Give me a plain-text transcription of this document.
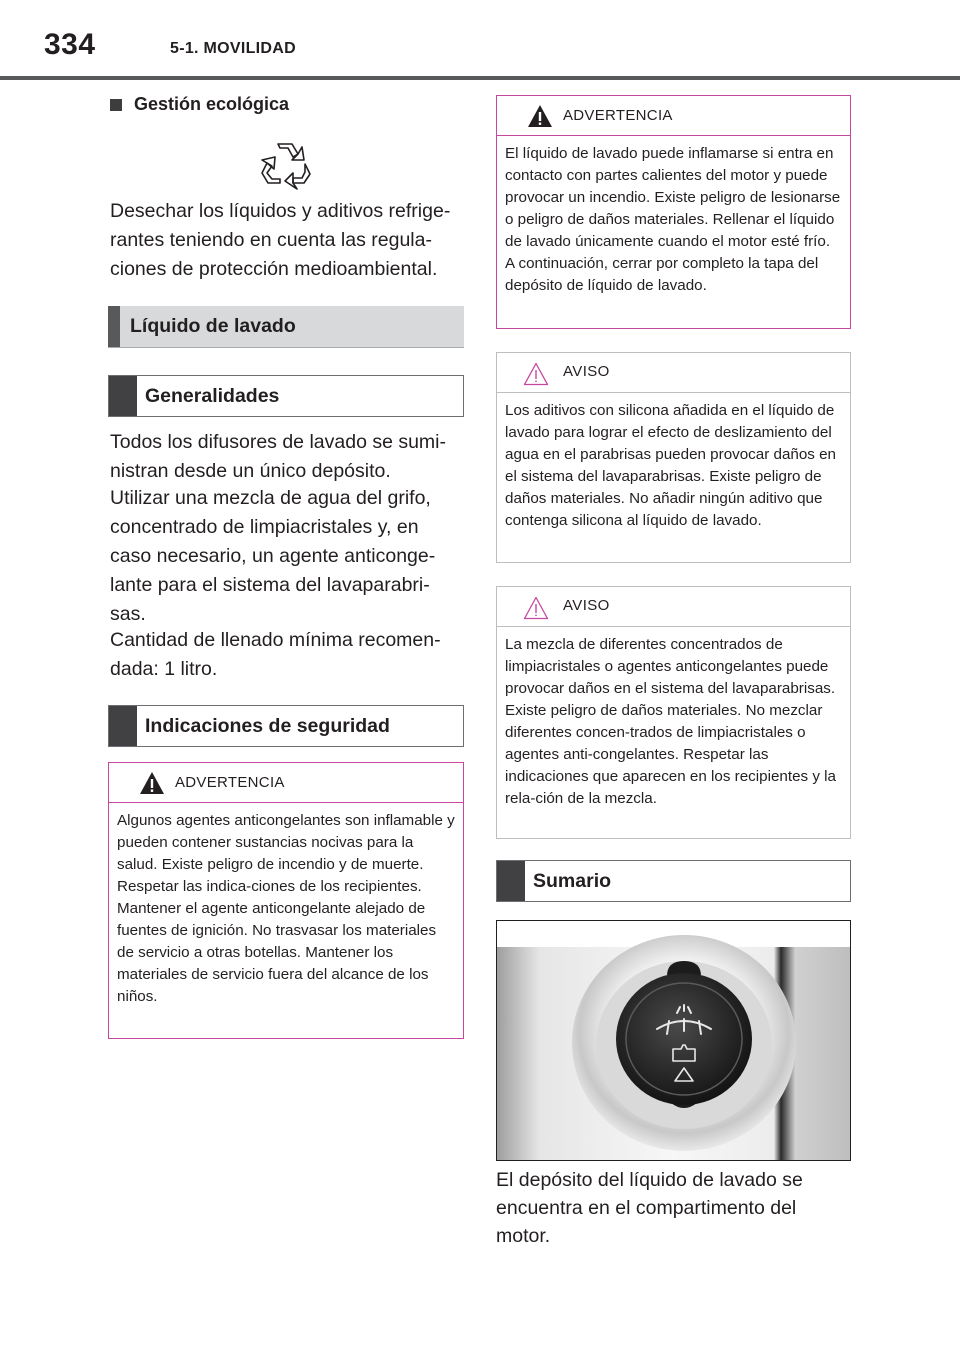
334	5-1. MOVILIDAD
Gestión ecológica
Desechar los líquidos y aditivos refrige-rantes teniendo en cuenta las regula-ciones de protección medioambiental.
Líquido de lavado
Generalidades
Todos los difusores de lavado se sumi-nistran desde un único depósito.
Utilizar una mezcla de agua del grifo, concentrado de limpiacristales y, en caso necesario, un agente anticonge-lante para el sistema del lavaparabri-sas.
Cantidad de llenado mínima recomen-dada: 1 litro.
Indicaciones de seguridad
ADVERTENCIA
Algunos agentes anticongelantes son inflamable y pueden contener sustancias nocivas para la salud. Existe peligro de incendio y de muerte. Respetar las indica-ciones de los recipientes. Mantener el agente anticongelante alejado de fuentes de ignición. No trasvasar los materiales de servicio a otras botellas. Mantener los materiales de servicio fuera del alcance de los niños.
ADVERTENCIA
El líquido de lavado puede inflamarse si entra en contacto con partes calientes del motor y puede provocar un incendio. Existe peligro de lesionarse o peligro de daños materiales. Rellenar el líquido de lavado únicamente cuando el motor esté frío. A continuación, cerrar por completo la tapa del depósito de líquido de lavado.
AVISO
Los aditivos con silicona añadida en el líquido de lavado para lograr el efecto de deslizamiento del agua en el parabrisas pueden provocar daños en el sistema del lavaparabrisas. Existe peligro de daños materiales. No añadir ningún aditivo que contenga silicona al líquido de lavado.
AVISO
La mezcla de diferentes concentrados de limpiacristales o agentes anticongelantes puede provocar daños en el sistema del lavaparabrisas. Existe peligro de daños materiales. No mezclar diferentes concen-trados de limpiacristales o agentes anti-congelantes. Respetar las indicaciones que aparecen en los recipientes y la rela-ción de la mezcla.
Sumario
El depósito del líquido de lavado se encuentra en el compartimento del motor.
